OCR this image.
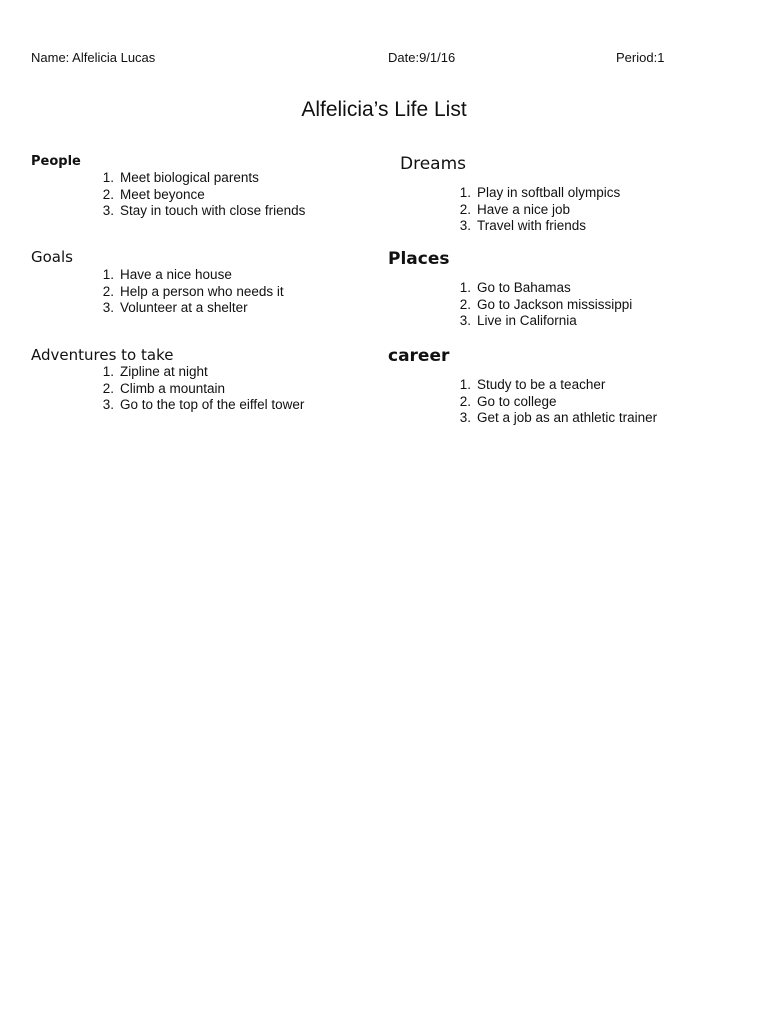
Name: Alfelicia Lucas	Date:9/1/16	Period:1
Alfelicia’s Life List

People

1. Meet biological parents
2. Meet beyonce
3. Stay in touch with close friends

Goals

1. Have a nice house
2. Help a person who needs it
3. Volunteer at a shelter

Adventures to take

1. Zipline at night
2. Climb a mountain
3. Go to the top of the eiffel tower

Dreams

1. Play in softball olympics
2. Have a nice job
3. Travel with friends

Places

1. Go to Bahamas
2. Go to Jackson mississippi
3. Live in California

career

1. Study to be a teacher
2. Go to college
3. Get a job as an athletic trainer
